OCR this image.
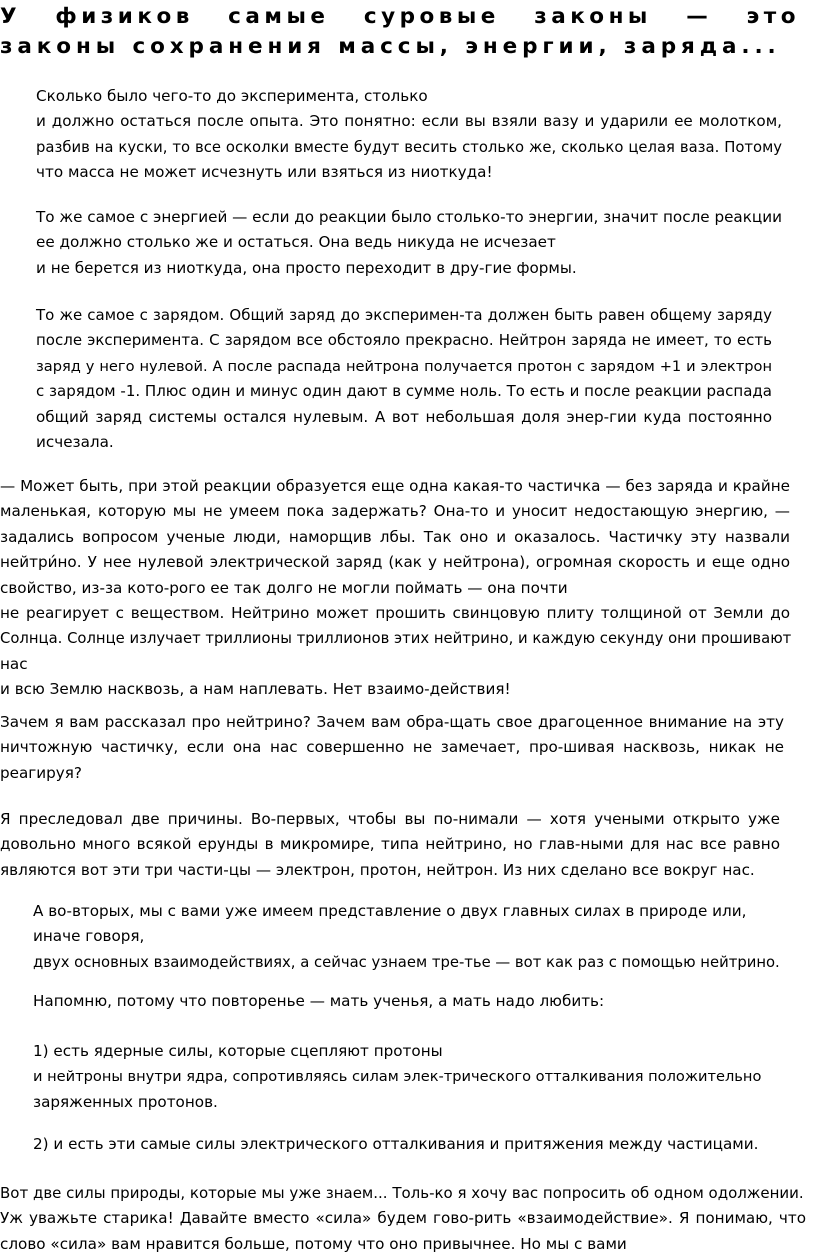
У физиков самые суровые законы — это
законы сохранения массы, энергии, заряда...
Сколько было чего-то до эксперимента, столько
и должно остаться после опыта. Это понятно: если вы взяли вазу и ударили ее молотком,
разбив на куски, то все осколки вместе будут весить столько же, сколько целая ваза. Потому
что масса не может исчезнуть или взяться из ниоткуда!
То же самое с энергией — если до реакции было столько-то энергии, значит после реакции
ее должно столько же и остаться. Она ведь никуда не исчезает
и не берется из ниоткуда, она просто переходит в дру-гие формы.
То же самое с зарядом. Общий заряд до эксперимен-та должен быть равен общему заряду
после эксперимента. С зарядом все обстояло прекрасно. Нейтрон заряда не имеет, то есть
заряд у него нулевой. А после распада нейтрона получается протон с зарядом +1 и электрон
с зарядом -1. Плюс один и минус один дают в сумме ноль. То есть и после реакции распада
общий заряд системы остался нулевым. А вот небольшая доля энер-гии куда постоянно
исчезала.
— Может быть, при этой реакции образуется еще одна какая-то частичка — без заряда и крайне
маленькая, которую мы не умеем пока задержать? Она-то и уносит недостающую энергию, —
задались вопросом ученые люди, наморщив лбы. Так оно и оказалось. Частичку эту назвали
нейтри́но. У нее нулевой электрической заряд (как у нейтрона), огромная скорость и еще одно
свойство, из-за кото-рого ее так долго не могли поймать — она почти
не реагирует с веществом. Нейтрино может прошить свинцовую плиту толщиной от Земли до
Солнца. Солнце излучает триллионы триллионов этих нейтрино, и каждую секунду они прошивают
нас
и всю Землю насквозь, а нам наплевать. Нет взаимо-действия!
Зачем я вам рассказал про нейтрино? Зачем вам обра-щать свое драгоценное внимание на эту
ничтожную частичку, если она нас совершенно не замечает, про-шивая насквозь, никак не
реагируя?
Я преследовал две причины. Во-первых, чтобы вы по-нимали — хотя учеными открыто уже
довольно много всякой ерунды в микромире, типа нейтрино, но глав-ными для нас все равно
являются вот эти три части-цы — электрон, протон, нейтрон. Из них сделано все вокруг нас.
А во-вторых, мы с вами уже имеем представление о двух главных силах в природе или,
иначе говоря,
двух основных взаимодействиях, а сейчас узнаем тре-тье — вот как раз с помощью нейтрино.
Напомню, потому что повторенье — мать ученья, а мать надо любить:
1) есть ядерные силы, которые сцепляют протоны
и нейтроны внутри ядра, сопротивляясь силам элек-трического отталкивания положительно
заряженных протонов.
2) и есть эти самые силы электрического отталкивания и притяжения между частицами.
Вот две силы природы, которые мы уже знаем... Толь-ко я хочу вас попросить об одном одолжении.
Уж уважьте старика! Давайте вместо «сила» будем гово-рить «взаимодействие». Я понимаю, что
слово «сила» вам нравится больше, потому что оно привычнее. Но мы с вами
